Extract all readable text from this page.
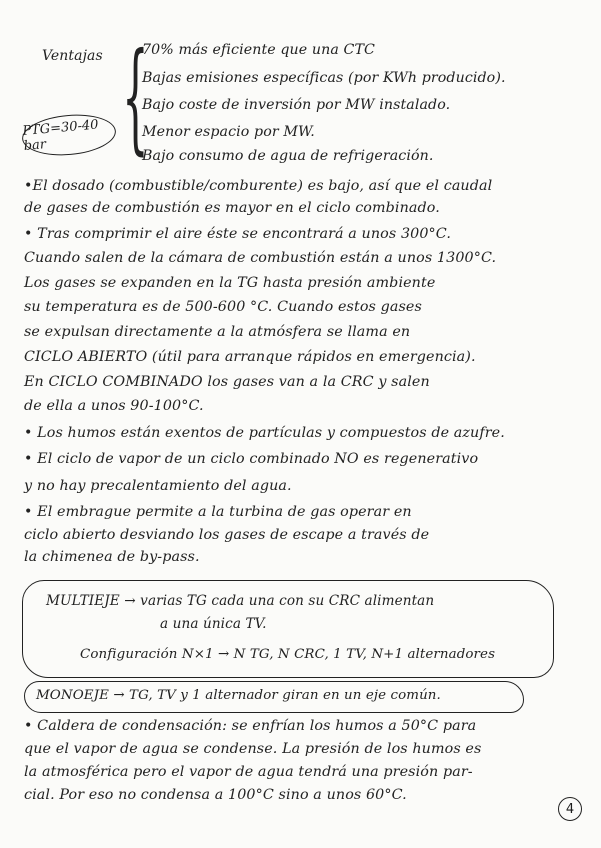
Ventajas {
70% más eficiente que una CTC
Bajas emisiones específicas (por KWh producido).
Bajo coste de inversión por MW instalado.
Menor espacio por MW.
Bajo consumo de agua de refrigeración.
PTG=30-40 bar
•El dosado (combustible/comburente) es bajo, así que el caudal
de gases de combustión es mayor en el ciclo combinado.
• Tras comprimir el aire éste se encontrará a unos 300°C.
Cuando salen de la cámara de combustión están a unos 1300°C.
Los gases se expanden en la TG hasta presión ambiente
su temperatura es de 500-600 °C. Cuando estos gases
se expulsan directamente a la atmósfera se llama en
CICLO ABIERTO (útil para arranque rápidos en emergencia).
En CICLO COMBINADO los gases van a la CRC y salen
de ella a unos 90-100°C.
• Los humos están exentos de partículas y compuestos de azufre.
• El ciclo de vapor de un ciclo combinado NO es regenerativo
y no hay precalentamiento del agua.
• El embrague permite a la turbina de gas operar en
ciclo abierto desviando los gases de escape a través de
la chimenea de by-pass.
MULTIEJE → varias TG cada una con su CRC alimentan
a una única TV.
Configuración N×1 → N TG, N CRC, 1 TV, N+1 alternadores
MONOEJE → TG, TV y 1 alternador giran en un eje común.
• Caldera de condensación: se enfrían los humos a 50°C para
que el vapor de agua se condense. La presión de los humos es
la atmosférica pero el vapor de agua tendrá una presión par-
cial. Por eso no condensa a 100°C sino a unos 60°C.
4
